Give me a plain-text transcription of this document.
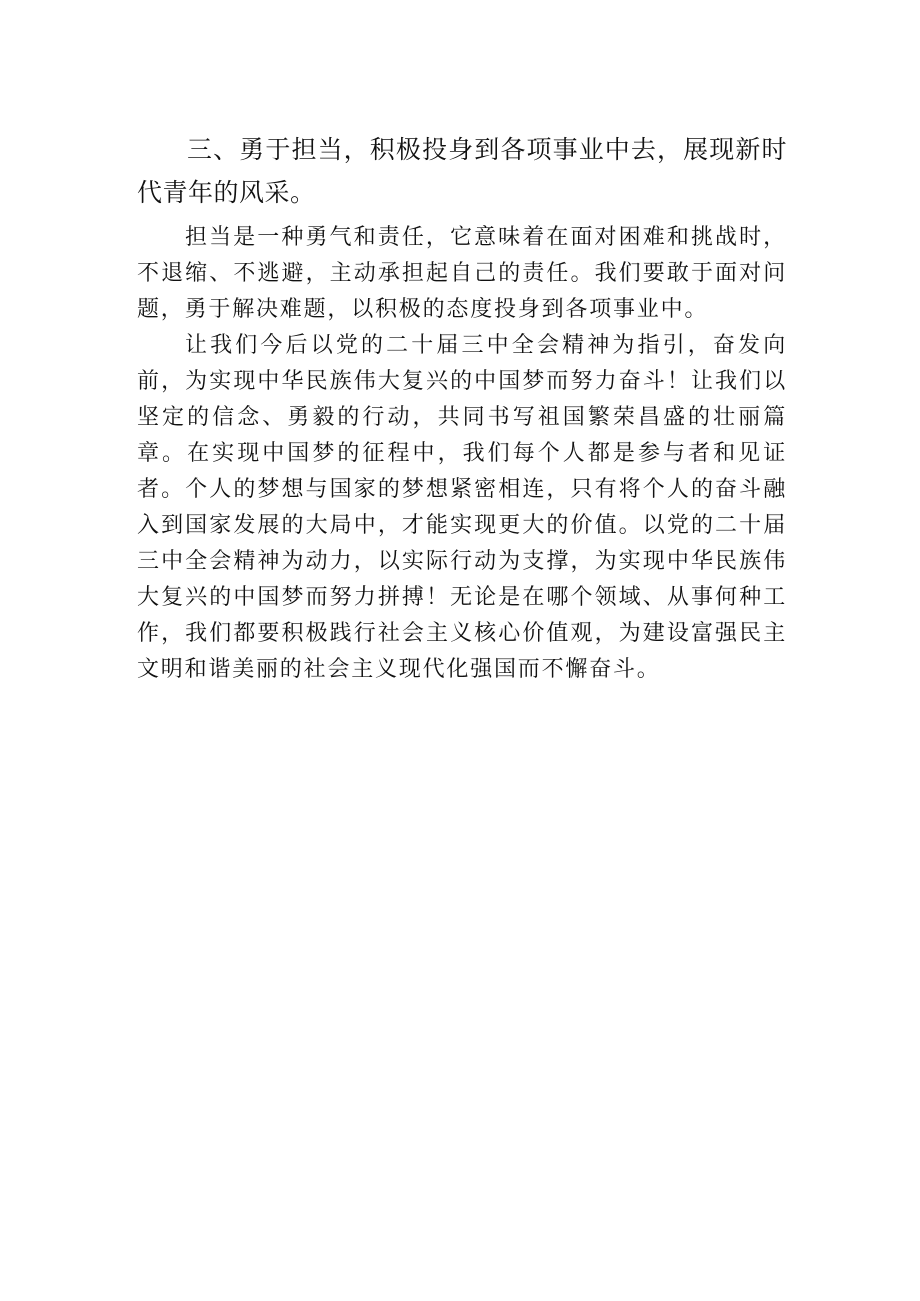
三、勇于担当，积极投身到各项事业中去，展现新时代青年的风采。

担当是一种勇气和责任，它意味着在面对困难和挑战时，不退缩、不逃避，主动承担起自己的责任。我们要敢于面对问题，勇于解决难题，以积极的态度投身到各项事业中。

让我们今后以党的二十届三中全会精神为指引，奋发向前，为实现中华民族伟大复兴的中国梦而努力奋斗！让我们以坚定的信念、勇毅的行动，共同书写祖国繁荣昌盛的壮丽篇章。在实现中国梦的征程中，我们每个人都是参与者和见证者。个人的梦想与国家的梦想紧密相连，只有将个人的奋斗融入到国家发展的大局中，才能实现更大的价值。以党的二十届三中全会精神为动力，以实际行动为支撑，为实现中华民族伟大复兴的中国梦而努力拼搏！无论是在哪个领域、从事何种工作，我们都要积极践行社会主义核心价值观，为建设富强民主文明和谐美丽的社会主义现代化强国而不懈奋斗。
